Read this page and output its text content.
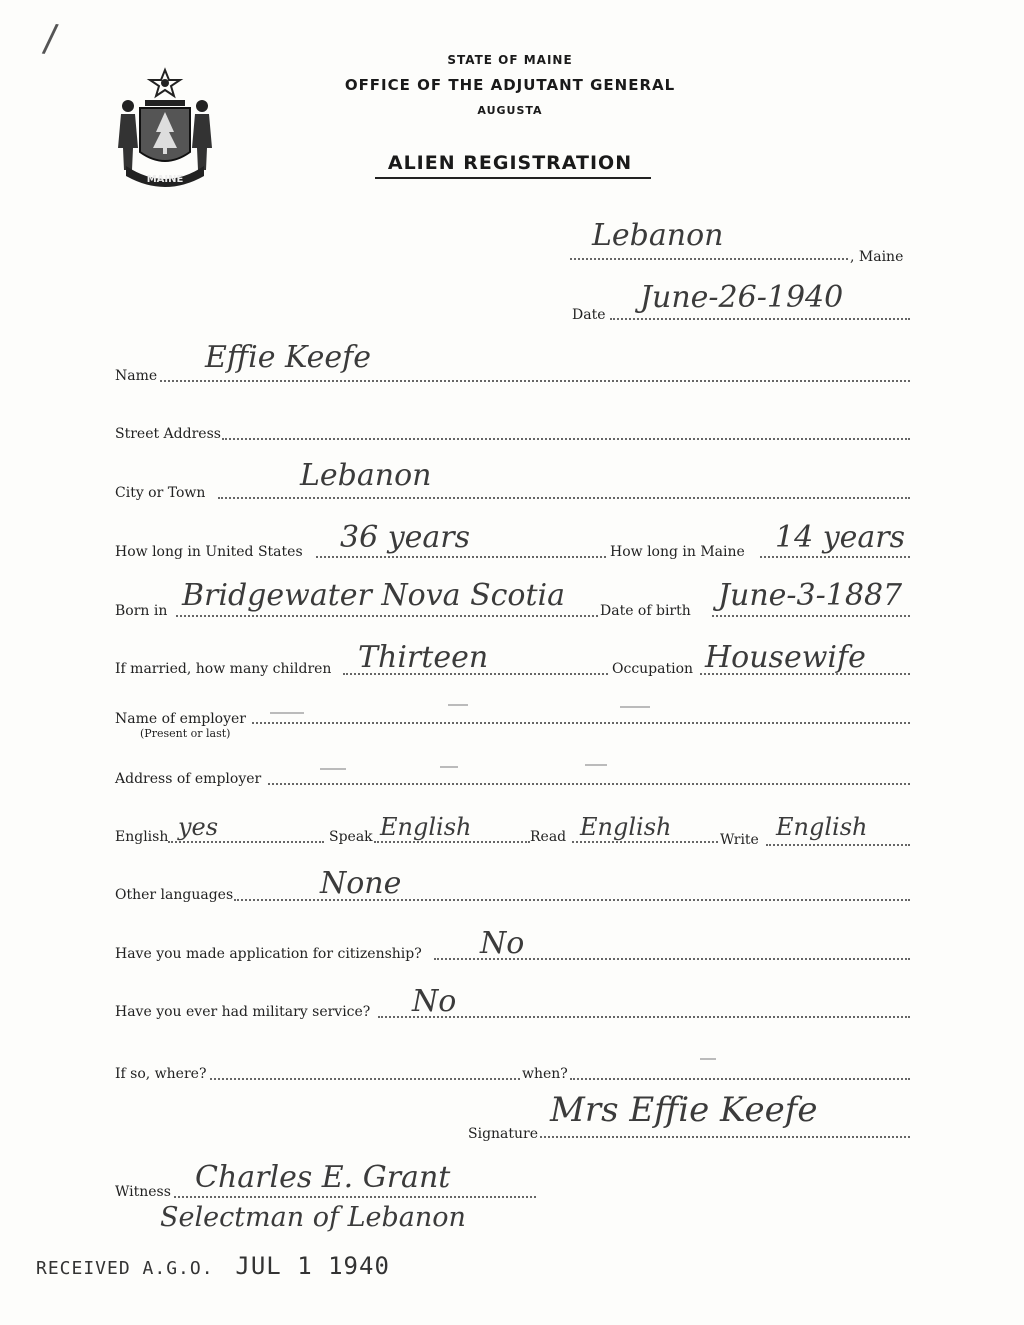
/
MAINE
STATE OF MAINE
OFFICE OF THE ADJUTANT GENERAL
AUGUSTA
ALIEN REGISTRATION
Lebanon
, Maine
Date June-26-1940
Name
Effie Keefe
Street Address
City or Town	Lebanon
How long in United States 36 years	How long in Maine 14 years
Born in Bridgewater Nova Scotia Date of birth June-3-1887
If married, how many children Thirteen	Occupation Housewife
Name of employer
(Present or last)
Address of employer
English yes	Speak English	Read English	Write English
Other languages	None
Have you made application for citizenship? No
Have you ever had military service? No
If so, where?	when?
Signature
Mrs Effie Keefe
Witness Charles E. Grant
Selectman of Lebanon
RECEIVED A.G.O. JUL 1 1940
